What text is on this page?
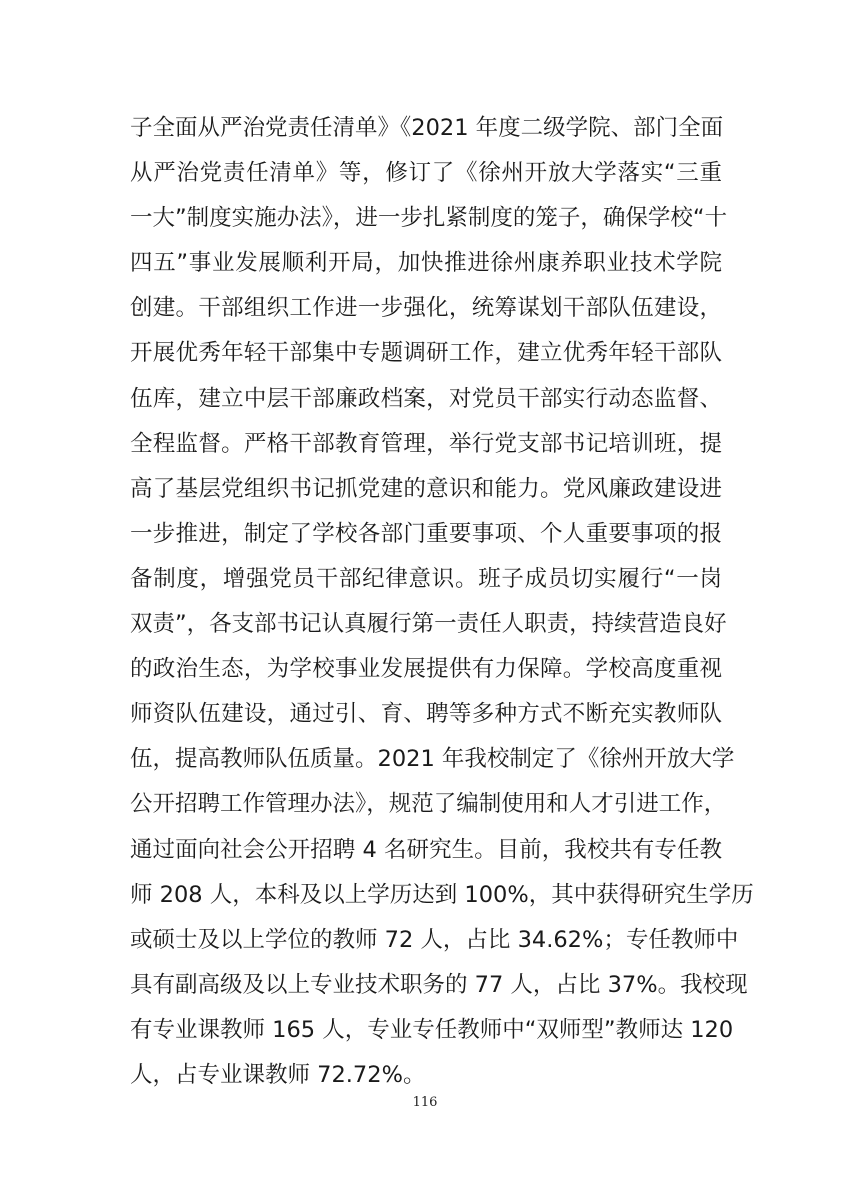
子全面从严治党责任清单》《2021 年度二级学院、部门全面
从严治党责任清单》等，修订了《徐州开放大学落实“三重
一大”制度实施办法》，进一步扎紧制度的笼子，确保学校“十
四五”事业发展顺利开局，加快推进徐州康养职业技术学院
创建。干部组织工作进一步强化，统筹谋划干部队伍建设，
开展优秀年轻干部集中专题调研工作，建立优秀年轻干部队
伍库，建立中层干部廉政档案，对党员干部实行动态监督、
全程监督。严格干部教育管理，举行党支部书记培训班，提
高了基层党组织书记抓党建的意识和能力。党风廉政建设进
一步推进，制定了学校各部门重要事项、个人重要事项的报
备制度，增强党员干部纪律意识。班子成员切实履行“一岗
双责”，各支部书记认真履行第一责任人职责，持续营造良好
的政治生态，为学校事业发展提供有力保障。学校高度重视
师资队伍建设，通过引、育、聘等多种方式不断充实教师队
伍，提高教师队伍质量。2021 年我校制定了《徐州开放大学
公开招聘工作管理办法》，规范了编制使用和人才引进工作，
通过面向社会公开招聘 4 名研究生。目前，我校共有专任教
师 208 人，本科及以上学历达到 100%，其中获得研究生学历
或硕士及以上学位的教师 72 人，占比 34.62%；专任教师中
具有副高级及以上专业技术职务的 77 人，占比 37%。我校现
有专业课教师 165 人，专业专任教师中“双师型”教师达 120
人，占专业课教师 72.72%。
116
